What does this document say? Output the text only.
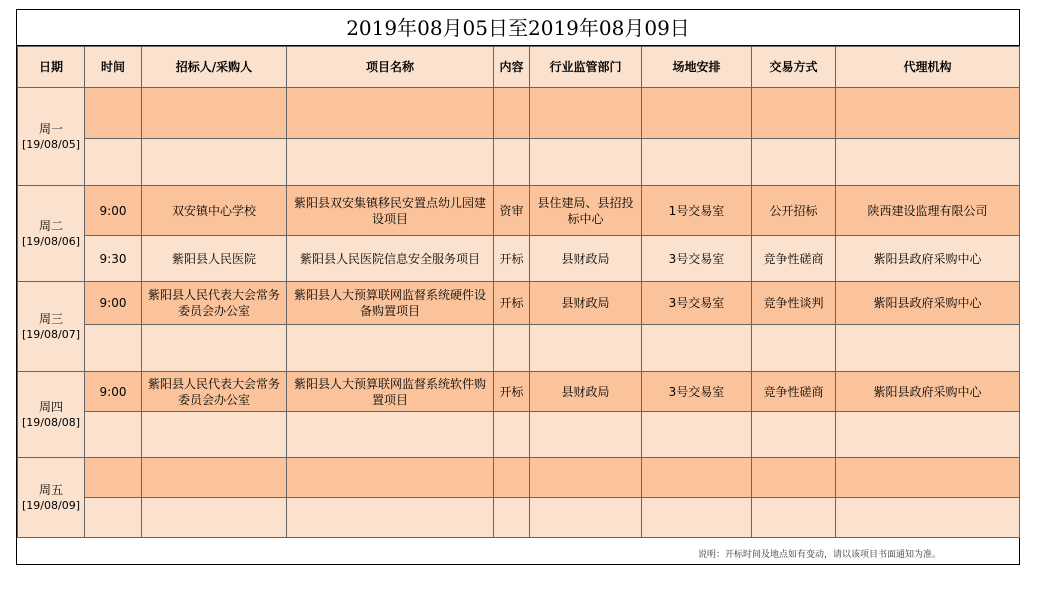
2019年08月05日至2019年08月09日
日期	时间	招标人/采购人	项目名称	内容	行业监管部门	场地安排	交易方式	代理机构

周一
[19/08/05]								

周二
[19/08/06]	9:00	双安镇中心学校	紫阳县双安集镇移民安置点幼儿园建设项目	资审	县住建局、县招投标中心	1号交易室	公开招标	陕西建设监理有限公司
	9:30	紫阳县人民医院	紫阳县人民医院信息安全服务项目	开标	县财政局	3号交易室	竞争性磋商	紫阳县政府采购中心

周三
[19/08/07]	9:00	紫阳县人民代表大会常务委员会办公室	紫阳县人大预算联网监督系统硬件设备购置项目	开标	县财政局	3号交易室	竞争性谈判	紫阳县政府采购中心

周四
[19/08/08]	9:00	紫阳县人民代表大会常务委员会办公室	紫阳县人大预算联网监督系统软件购置项目	开标	县财政局	3号交易室	竞争性磋商	紫阳县政府采购中心

周五
[19/08/09]								

说明：开标时间及地点如有变动，请以该项目书面通知为准。
